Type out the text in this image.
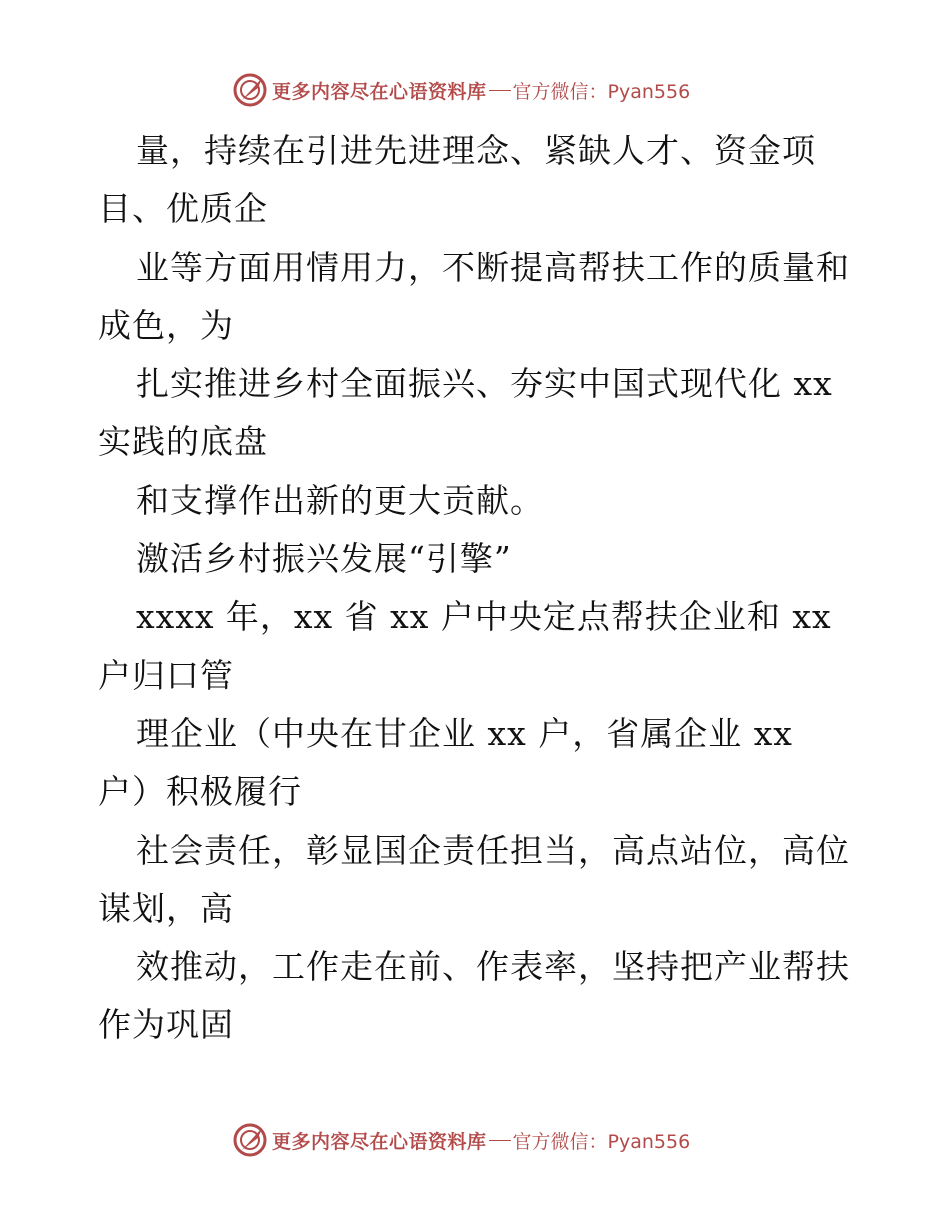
更多内容尽在心语资料库 官方微信：Pyan556
量，持续在引进先进理念、紧缺人才、资金项
目、优质企
业等方面用情用力，不断提高帮扶工作的质量和
成色，为
扎实推进乡村全面振兴、夯实中国式现代化 xx
实践的底盘
和支撑作出新的更大贡献。
激活乡村振兴发展“引擎”
xxxx 年，xx 省 xx 户中央定点帮扶企业和 xx
户归口管
理企业（中央在甘企业 xx 户，省属企业 xx
户）积极履行
社会责任，彰显国企责任担当，高点站位，高位
谋划，高
效推动，工作走在前、作表率，坚持把产业帮扶
作为巩固
更多内容尽在心语资料库 官方微信：Pyan556
